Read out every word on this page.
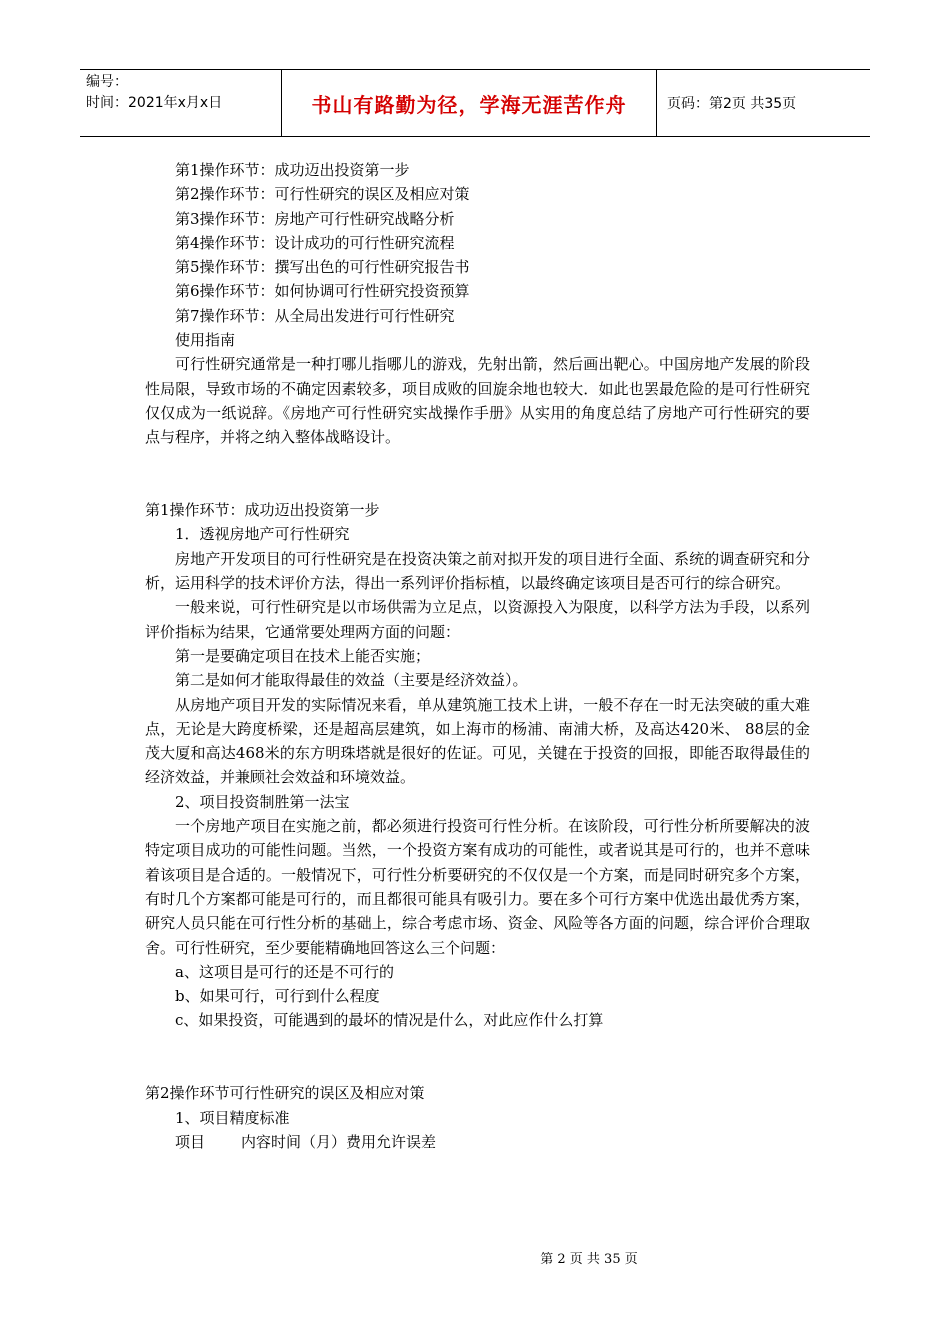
编号：
时间：2021年x月x日	书山有路勤为径，学海无涯苦作舟	页码：第2页 共35页

第1操作环节：成功迈出投资第一步

第2操作环节：可行性研究的误区及相应对策

第3操作环节：房地产可行性研究战略分析

第4操作环节：设计成功的可行性研究流程

第5操作环节：撰写出色的可行性研究报告书

第6操作环节：如何协调可行性研究投资预算

第7操作环节：从全局出发进行可行性研究

使用指南

可行性研究通常是一种打哪儿指哪儿的游戏，先射出箭，然后画出靶心。中国房地产发展的阶段性局限，导致市场的不确定因素较多，项目成败的回旋余地也较大．如此也罢最危险的是可行性研究仅仅成为一纸说辞。《房地产可行性研究实战操作手册》从实用的角度总结了房地产可行性研究的要点与程序，并将之纳入整体战略设计。

第1操作环节：成功迈出投资第一步

1．透视房地产可行性研究

房地产开发项目的可行性研究是在投资决策之前对拟开发的项目进行全面、系统的调查研究和分析，运用科学的技术评价方法，得出一系列评价指标植，以最终确定该项目是否可行的综合研究。

一般来说，可行性研究是以市场供需为立足点，以资源投入为限度，以科学方法为手段，以系列评价指标为结果，它通常要处理两方面的问题：

第一是要确定项目在技术上能否实施；

第二是如何才能取得最佳的效益（主要是经济效益）。

从房地产项目开发的实际情况来看，单从建筑施工技术上讲，一般不存在一时无法突破的重大难点，无论是大跨度桥梁，还是超高层建筑，如上海市的杨浦、南浦大桥，及高达420米、 88层的金茂大厦和高达468米的东方明珠塔就是很好的佐证。可见，关键在于投资的回报，即能否取得最佳的经济效益，并兼顾社会效益和环境效益。

2、项目投资制胜第一法宝

一个房地产项目在实施之前，都必须进行投资可行性分析。在该阶段，可行性分析所要解决的波特定项目成功的可能性问题。当然，一个投资方案有成功的可能性，或者说其是可行的，也并不意味着该项目是合适的。一般情况下，可行性分析要研究的不仅仅是一个方案，而是同时研究多个方案，有时几个方案都可能是可行的，而且都很可能具有吸引力。要在多个可行方案中优选出最优秀方案，研究人员只能在可行性分析的基础上，综合考虑市场、资金、风险等各方面的问题，综合评价合理取舍。可行性研究，至少要能精确地回答这么三个问题：

a、这项目是可行的还是不可行的

b、如果可行，可行到什么程度

c、如果投资，可能遇到的最坏的情况是什么，对此应作什么打算

第2操作环节可行性研究的误区及相应对策

1、项目精度标准

项目 内容时间（月）费用允许误差

第 2 页 共 35 页
